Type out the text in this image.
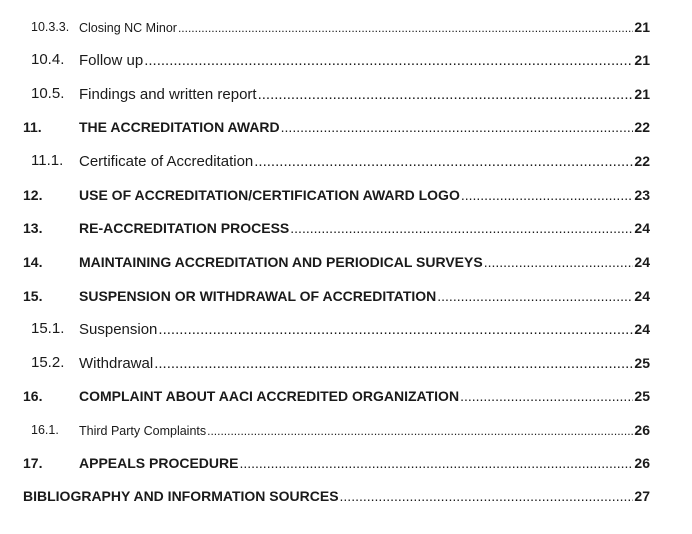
10.3.3. Closing NC Minor .....	21
10.4. Follow up .....	21
10.5. Findings and written report .....	21
11.	THE ACCREDITATION AWARD .....	22
11.1. Certificate of Accreditation .....	22
12.	USE OF ACCREDITATION/CERTIFICATION AWARD LOGO .....	23
13.	RE-ACCREDITATION PROCESS .....	24
14.	MAINTAINING ACCREDITATION AND PERIODICAL SURVEYS .....	24
15.	SUSPENSION OR WITHDRAWAL OF ACCREDITATION .....	24
15.1. Suspension .....	24
15.2. Withdrawal .....	25
16.	COMPLAINT ABOUT AACI ACCREDITED ORGANIZATION .....	25
16.1. Third Party Complaints .....	26
17.	APPEALS PROCEDURE .....	26
BIBLIOGRAPHY AND INFORMATION SOURCES .....	27
